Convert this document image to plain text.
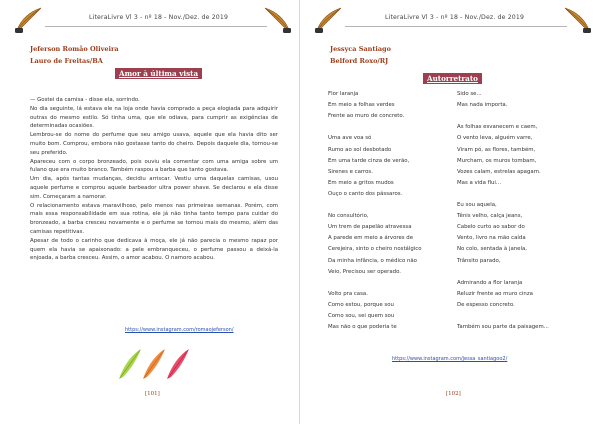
LiteraLivre Vl 3 - nº 18 - Nov./Dez. de 2019
Jeferson Romão Oliveira
Lauro de Freitas/BA
Amor à última vista

— Gostei da camisa - disse ela, sorrindo.

No dia seguinte, lá estava ele na loja onde havia comprado a peça elogiada para adquirir outras do mesmo estilo. Só tinha uma, que ele odiava, para cumprir as exigências de determinadas ocasiões.

Lembrou-se do nome do perfume que seu amigo usava, aquele que ela havia dito ser muito bom. Comprou, embora não gostasse tanto do cheiro. Depois daquele dia, tornou-se seu preferido.

Apareceu com o corpo bronzeado, pois ouviu ela comentar com uma amiga sobre um fulano que era muito branco. Também raspou a barba que tanto gostava.

Um dia, após tantas mudanças, decidiu arriscar. Vestiu uma daquelas camisas, usou aquele perfume e comprou aquele barbeador ultra power shave. Se declarou e ela disse sim. Começaram a namorar.

O relacionamento estava maravilhoso, pelo menos nas primeiras semanas. Porém, com mais essa responsabilidade em sua rotina, ele já não tinha tanto tempo para cuidar do bronzeado, a barba cresceu novamente e o perfume se tornou mais do mesmo, além das camisas repetitivas.

Apesar de todo o carinho que dedicava à moça, ele já não parecia o mesmo rapaz por quem ela havia se apaixonado: a pele embranqueceu, o perfume passou a deixá-la enjoada, a barba cresceu. Assim, o amor acabou. O namoro acabou.

https://www.instagram.com/romaojeferson/
[101]
LiteraLivre Vl 3 - nº 18 - Nov./Dez. de 2019
Jessyca Santiago
Belford Roxo/RJ
Autorretrato
Flor laranja
Em meio a folhas verdes
Frente ao muro de concreto.
Uma ave voa só
Rumo ao sol desbotado
Em uma tarde cinza de verão,
Sirenes e carros.
Em meio a gritos mudos
Ouço o canto dos pássaros.
No consultório,
Um trem de papelão atravessa
A parede em meio a árvores de
Cerejeira, sinto o cheiro nostálgico
Da minha infância, o médico não
Veio, Precisou ser operado.
Volto pra casa.
Como estou, porque sou
Como sou, sei quem sou
Mas não o que poderia te
Sido se...
Mas nada importa.
As folhas esvanecem e caem,
O vento leva, alguém varre,
Viram pó, as flores, também,
Murcham, os muros tombam,
Vozes calam, estrelas apagam.
Mas a vida flui...
Eu sou aquela,
Tênis velho, calça jeans,
Cabelo curto ao sabor do
Vento, livro na mão caída
No colo, sentada à janela,
Trânsito parado,
Admirando a flor laranja
Reluzir frente ao muro cinza
De espesso concreto.
Também sou parte da paisagem...
https://www.instagram.com/jessa_santiagoo2/
[102]
